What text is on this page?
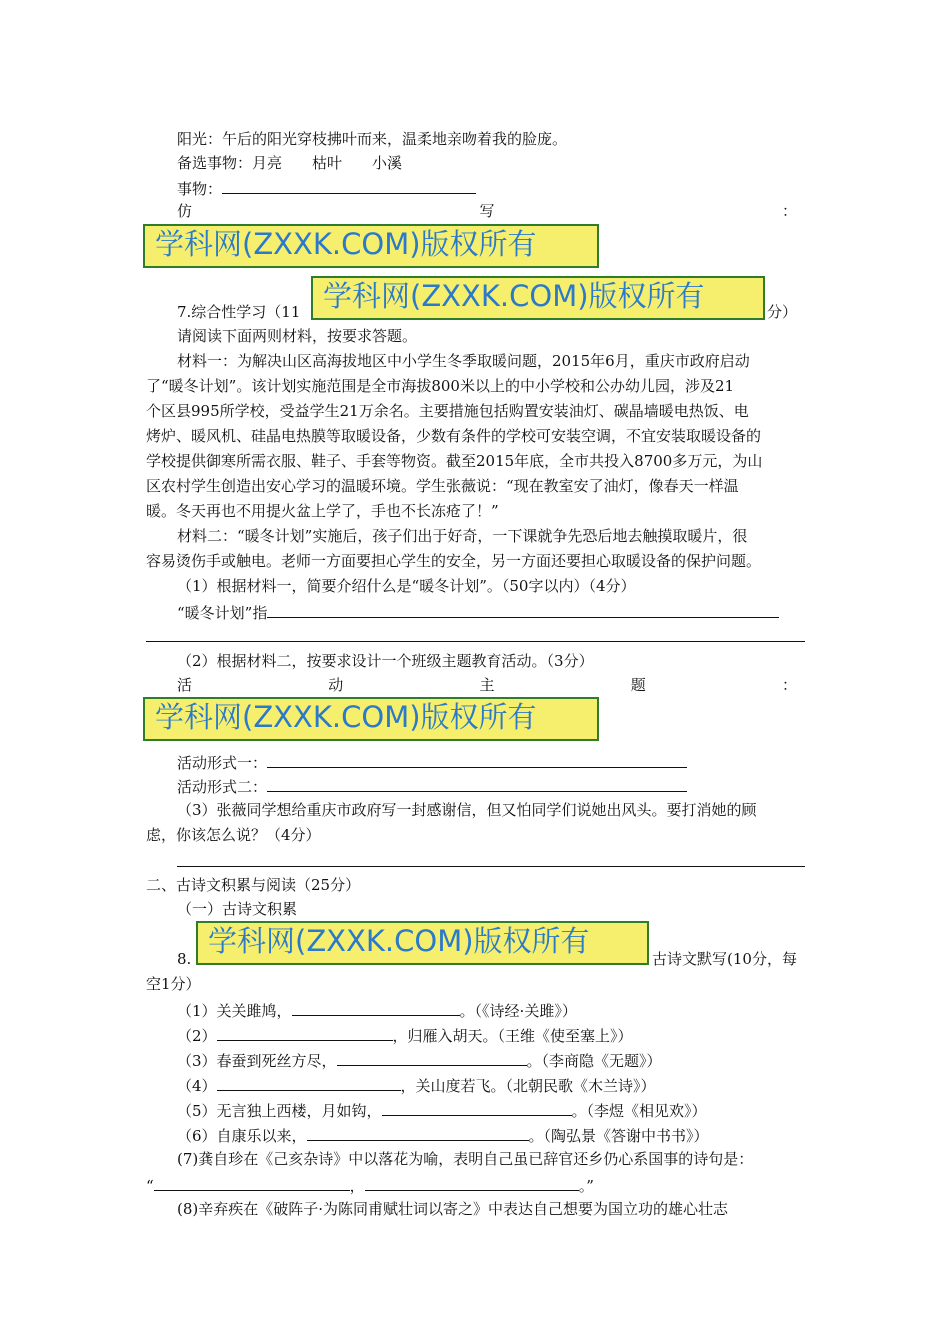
阳光：午后的阳光穿枝拂叶而来，温柔地亲吻着我的脸庞。
备选事物：月亮　　枯叶　　小溪
事物：
仿	写	：
学科网(ZXXK.COM)版权所有
7.综合性学习（11 学科网(ZXXK.COM)版权所有	分）
请阅读下面两则材料，按要求答题。
材料一：为解决山区高海拔地区中小学生冬季取暖问题，2015年6月，重庆市政府启动
了“暖冬计划”。该计划实施范围是全市海拔800米以上的中小学校和公办幼儿园，涉及21
个区县995所学校，受益学生21万余名。主要措施包括购置安装油灯、碳晶墙暖电热饭、电
烤炉、暖风机、硅晶电热膜等取暖设备，少数有条件的学校可安装空调，不宜安装取暖设备的
学校提供御寒所需衣服、鞋子、手套等物资。截至2015年底，全市共投入8700多万元，为山
区农村学生创造出安心学习的温暖环境。学生张薇说：“现在教室安了油灯，像春天一样温
暖。冬天再也不用提火盆上学了，手也不长冻疮了！”
材料二：“暖冬计划”实施后，孩子们出于好奇，一下课就争先恐后地去触摸取暖片，很
容易烫伤手或触电。老师一方面要担心学生的安全，另一方面还要担心取暖设备的保护问题。
（1）根据材料一，简要介绍什么是“暖冬计划”。（50字以内）（4分）
“暖冬计划”指
（2）根据材料二，按要求设计一个班级主题教育活动。（3分）
活	动	主	题	：
学科网(ZXXK.COM)版权所有
活动形式一：
活动形式二：
（3）张薇同学想给重庆市政府写一封感谢信，但又怕同学们说她出风头。要打消她的顾
虑，你该怎么说？（4分）
二、古诗文积累与阅读（25分）
（一）古诗文积累
8.
学科网(ZXXK.COM)版权所有
古诗文默写(10分，每
空1分）
（1）关关雎鸠，	。（《诗经·关雎》）
（2）	，归雁入胡天。（王维《使至塞上》）
（3）春蚕到死丝方尽，	。（李商隐《无题》）
（4）	，关山度若飞。（北朝民歌《木兰诗》）
（5）无言独上西楼，月如钩，	。（李煜《相见欢》）
（6）自康乐以来，	。（陶弘景《答谢中书书》）
(7)龚自珍在《己亥杂诗》中以落花为喻，表明自己虽已辞官还乡仍心系国事的诗句是：
“	，	。”
(8)辛弃疾在《破阵子·为陈同甫赋壮词以寄之》中表达自己想要为国立功的雄心壮志
